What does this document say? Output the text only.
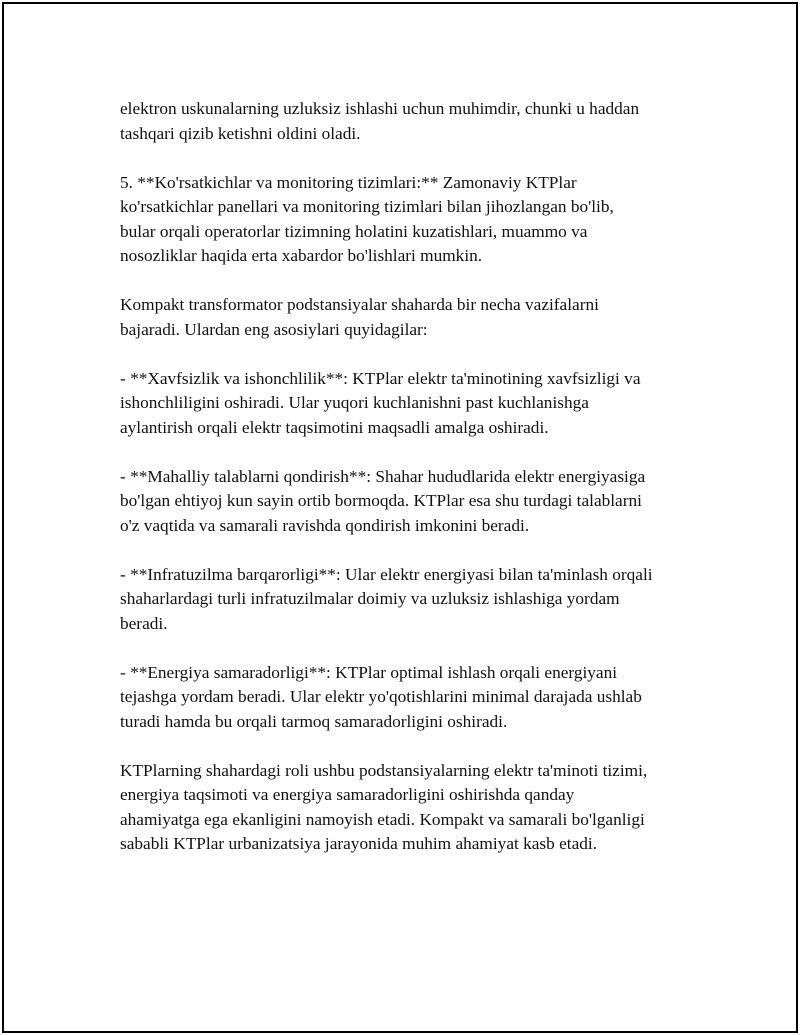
elektron uskunalarning uzluksiz ishlashi uchun muhimdir, chunki u haddan
tashqari qizib ketishni oldini oladi.

5. **Ko'rsatkichlar va monitoring tizimlari:** Zamonaviy KTPlar
ko'rsatkichlar panellari va monitoring tizimlari bilan jihozlangan bo'lib,
bular orqali operatorlar tizimning holatini kuzatishlari, muammo va
nosozliklar haqida erta xabardor bo'lishlari mumkin.

Kompakt transformator podstansiyalar shaharda bir necha vazifalarni
bajaradi. Ulardan eng asosiylari quyidagilar:

- **Xavfsizlik va ishonchlilik**: KTPlar elektr ta'minotining xavfsizligi va
ishonchliligini oshiradi. Ular yuqori kuchlanishni past kuchlanishga
aylantirish orqali elektr taqsimotini maqsadli amalga oshiradi.

- **Mahalliy talablarni qondirish**: Shahar hududlarida elektr energiyasiga
bo'lgan ehtiyoj kun sayin ortib bormoqda. KTPlar esa shu turdagi talablarni
o'z vaqtida va samarali ravishda qondirish imkonini beradi.

- **Infratuzilma barqarorligi**: Ular elektr energiyasi bilan ta'minlash orqali
shaharlardagi turli infratuzilmalar doimiy va uzluksiz ishlashiga yordam
beradi.

- **Energiya samaradorligi**: KTPlar optimal ishlash orqali energiyani
tejashga yordam beradi. Ular elektr yo'qotishlarini minimal darajada ushlab
turadi hamda bu orqali tarmoq samaradorligini oshiradi.

KTPlarning shahardagi roli ushbu podstansiyalarning elektr ta'minoti tizimi,
energiya taqsimoti va energiya samaradorligini oshirishda qanday
ahamiyatga ega ekanligini namoyish etadi. Kompakt va samarali bo'lganligi
sababli KTPlar urbanizatsiya jarayonida muhim ahamiyat kasb etadi.
